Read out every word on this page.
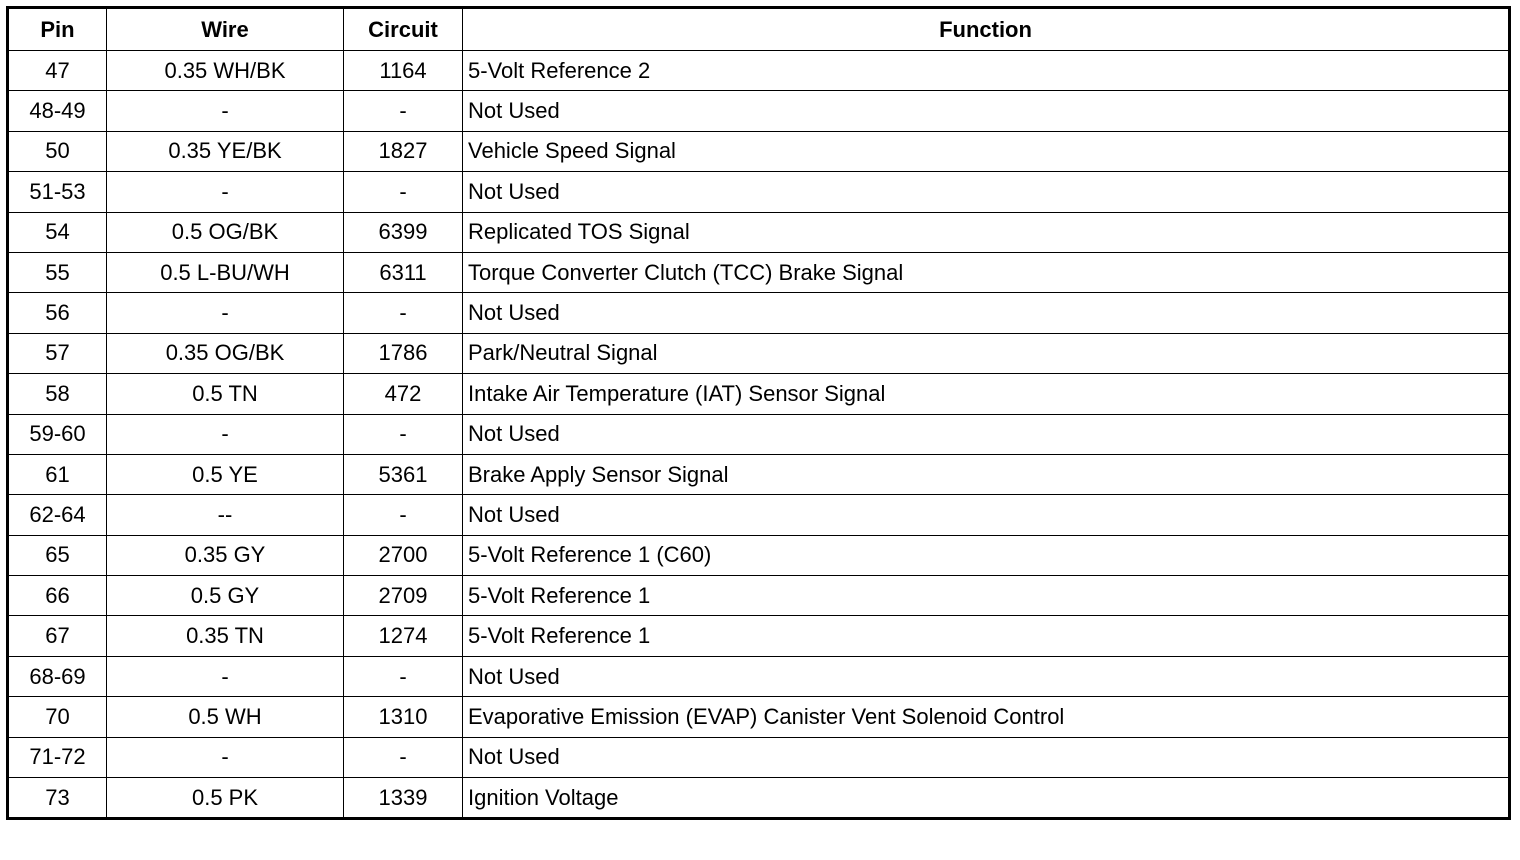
Pin	Wire	Circuit	Function
47	0.35 WH/BK	1164	5-Volt Reference 2
48-49	-	-	Not Used
50	0.35 YE/BK	1827	Vehicle Speed Signal
51-53	-	-	Not Used
54	0.5 OG/BK	6399	Replicated TOS Signal
55	0.5 L-BU/WH	6311	Torque Converter Clutch (TCC) Brake Signal
56	-	-	Not Used
57	0.35 OG/BK	1786	Park/Neutral Signal
58	0.5 TN	472	Intake Air Temperature (IAT) Sensor Signal
59-60	-	-	Not Used
61	0.5 YE	5361	Brake Apply Sensor Signal
62-64	--	-	Not Used
65	0.35 GY	2700	5-Volt Reference 1 (C60)
66	0.5 GY	2709	5-Volt Reference 1
67	0.35 TN	1274	5-Volt Reference 1
68-69	-	-	Not Used
70	0.5 WH	1310	Evaporative Emission (EVAP) Canister Vent Solenoid Control
71-72	-	-	Not Used
73	0.5 PK	1339	Ignition Voltage
